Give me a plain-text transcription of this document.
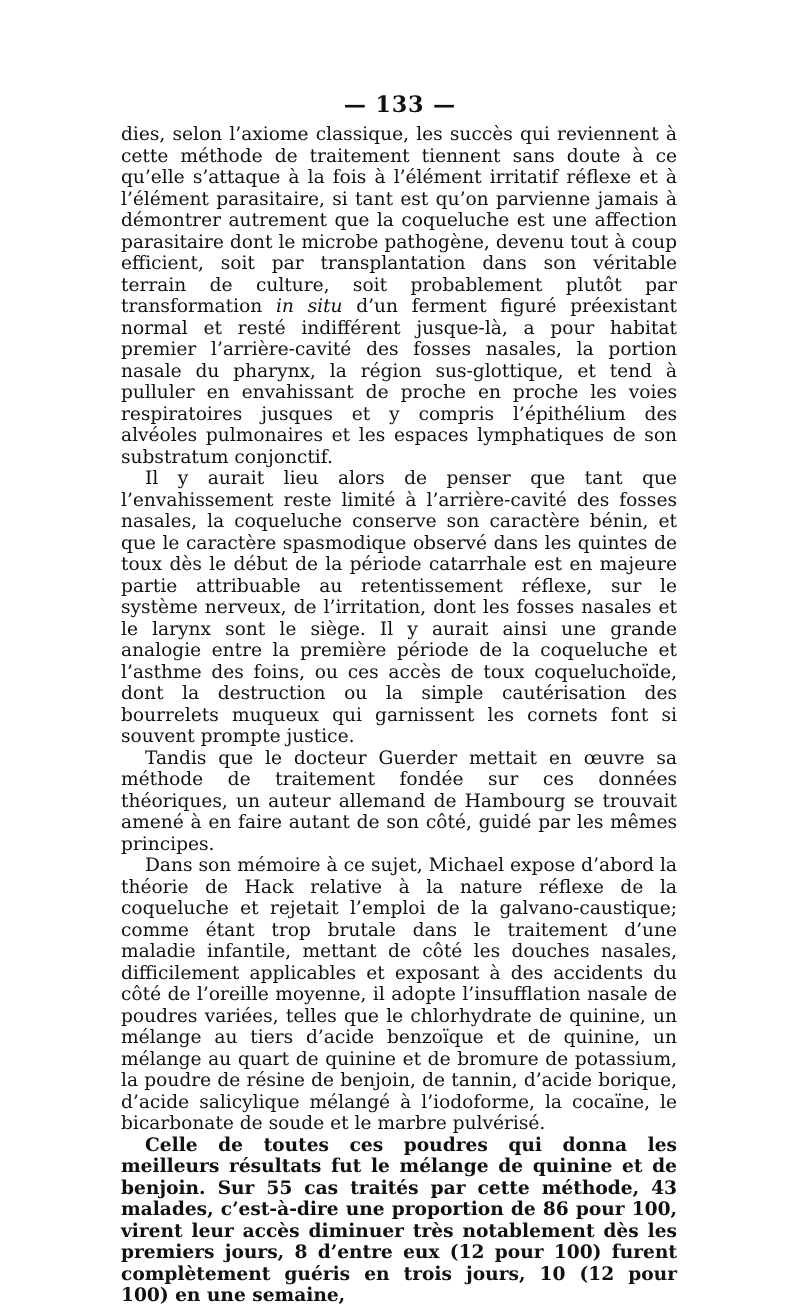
— 133 —

dies, selon l’axiome classique, les succès qui reviennent à cette méthode de traitement tiennent sans doute à ce qu’elle s’attaque à la fois à l’élément irritatif réflexe et à l’élément parasitaire, si tant est qu’on parvienne jamais à démontrer autrement que la coqueluche est une affection parasitaire dont le microbe pathogène, devenu tout à coup efficient, soit par transplantation dans son véritable terrain de culture, soit probablement plutôt par transformation in situ d’un ferment figuré préexistant normal et resté indifférent jusque-là, a pour habitat premier l’arrière-cavité des fosses nasales, la portion nasale du pharynx, la région sus-glottique, et tend à pulluler en envahissant de proche en proche les voies respiratoires jusques et y compris l’épithélium des alvéoles pulmonaires et les espaces lymphatiques de son substratum conjonctif.

Il y aurait lieu alors de penser que tant que l’envahissement reste limité à l’arrière-cavité des fosses nasales, la coqueluche conserve son caractère bénin, et que le caractère spasmodique observé dans les quintes de toux dès le début de la période catarrhale est en majeure partie attribuable au retentissement réflexe, sur le système nerveux, de l’irritation, dont les fosses nasales et le larynx sont le siège. Il y aurait ainsi une grande analogie entre la première période de la coqueluche et l’asthme des foins, ou ces accès de toux coqueluchoïde, dont la destruction ou la simple cautérisation des bourrelets muqueux qui garnissent les cornets font si souvent prompte justice.

Tandis que le docteur Guerder mettait en œuvre sa méthode de traitement fondée sur ces données théoriques, un auteur allemand de Hambourg se trouvait amené à en faire autant de son côté, guidé par les mêmes principes.

Dans son mémoire à ce sujet, Michael expose d’abord la théorie de Hack relative à la nature réflexe de la coqueluche et rejetait l’emploi de la galvano-caustique; comme étant trop brutale dans le traitement d’une maladie infantile, mettant de côté les douches nasales, difficilement applicables et exposant à des accidents du côté de l’oreille moyenne, il adopte l’insufflation nasale de poudres variées, telles que le chlorhydrate de quinine, un mélange au tiers d’acide benzoïque et de quinine, un mélange au quart de quinine et de bromure de potassium, la poudre de résine de benjoin, de tannin, d’acide borique, d’acide salicylique mélangé à l’iodoforme, la cocaïne, le bicarbonate de soude et le marbre pulvérisé.

Celle de toutes ces poudres qui donna les meilleurs résultats fut le mélange de quinine et de benjoin. Sur 55 cas traités par cette méthode, 43 malades, c’est-à-dire une proportion de 86 pour 100, virent leur accès diminuer très notablement dès les premiers jours, 8 d’entre eux (12 pour 100) furent complètement guéris en trois jours, 10 (12 pour 100) en une semaine,
